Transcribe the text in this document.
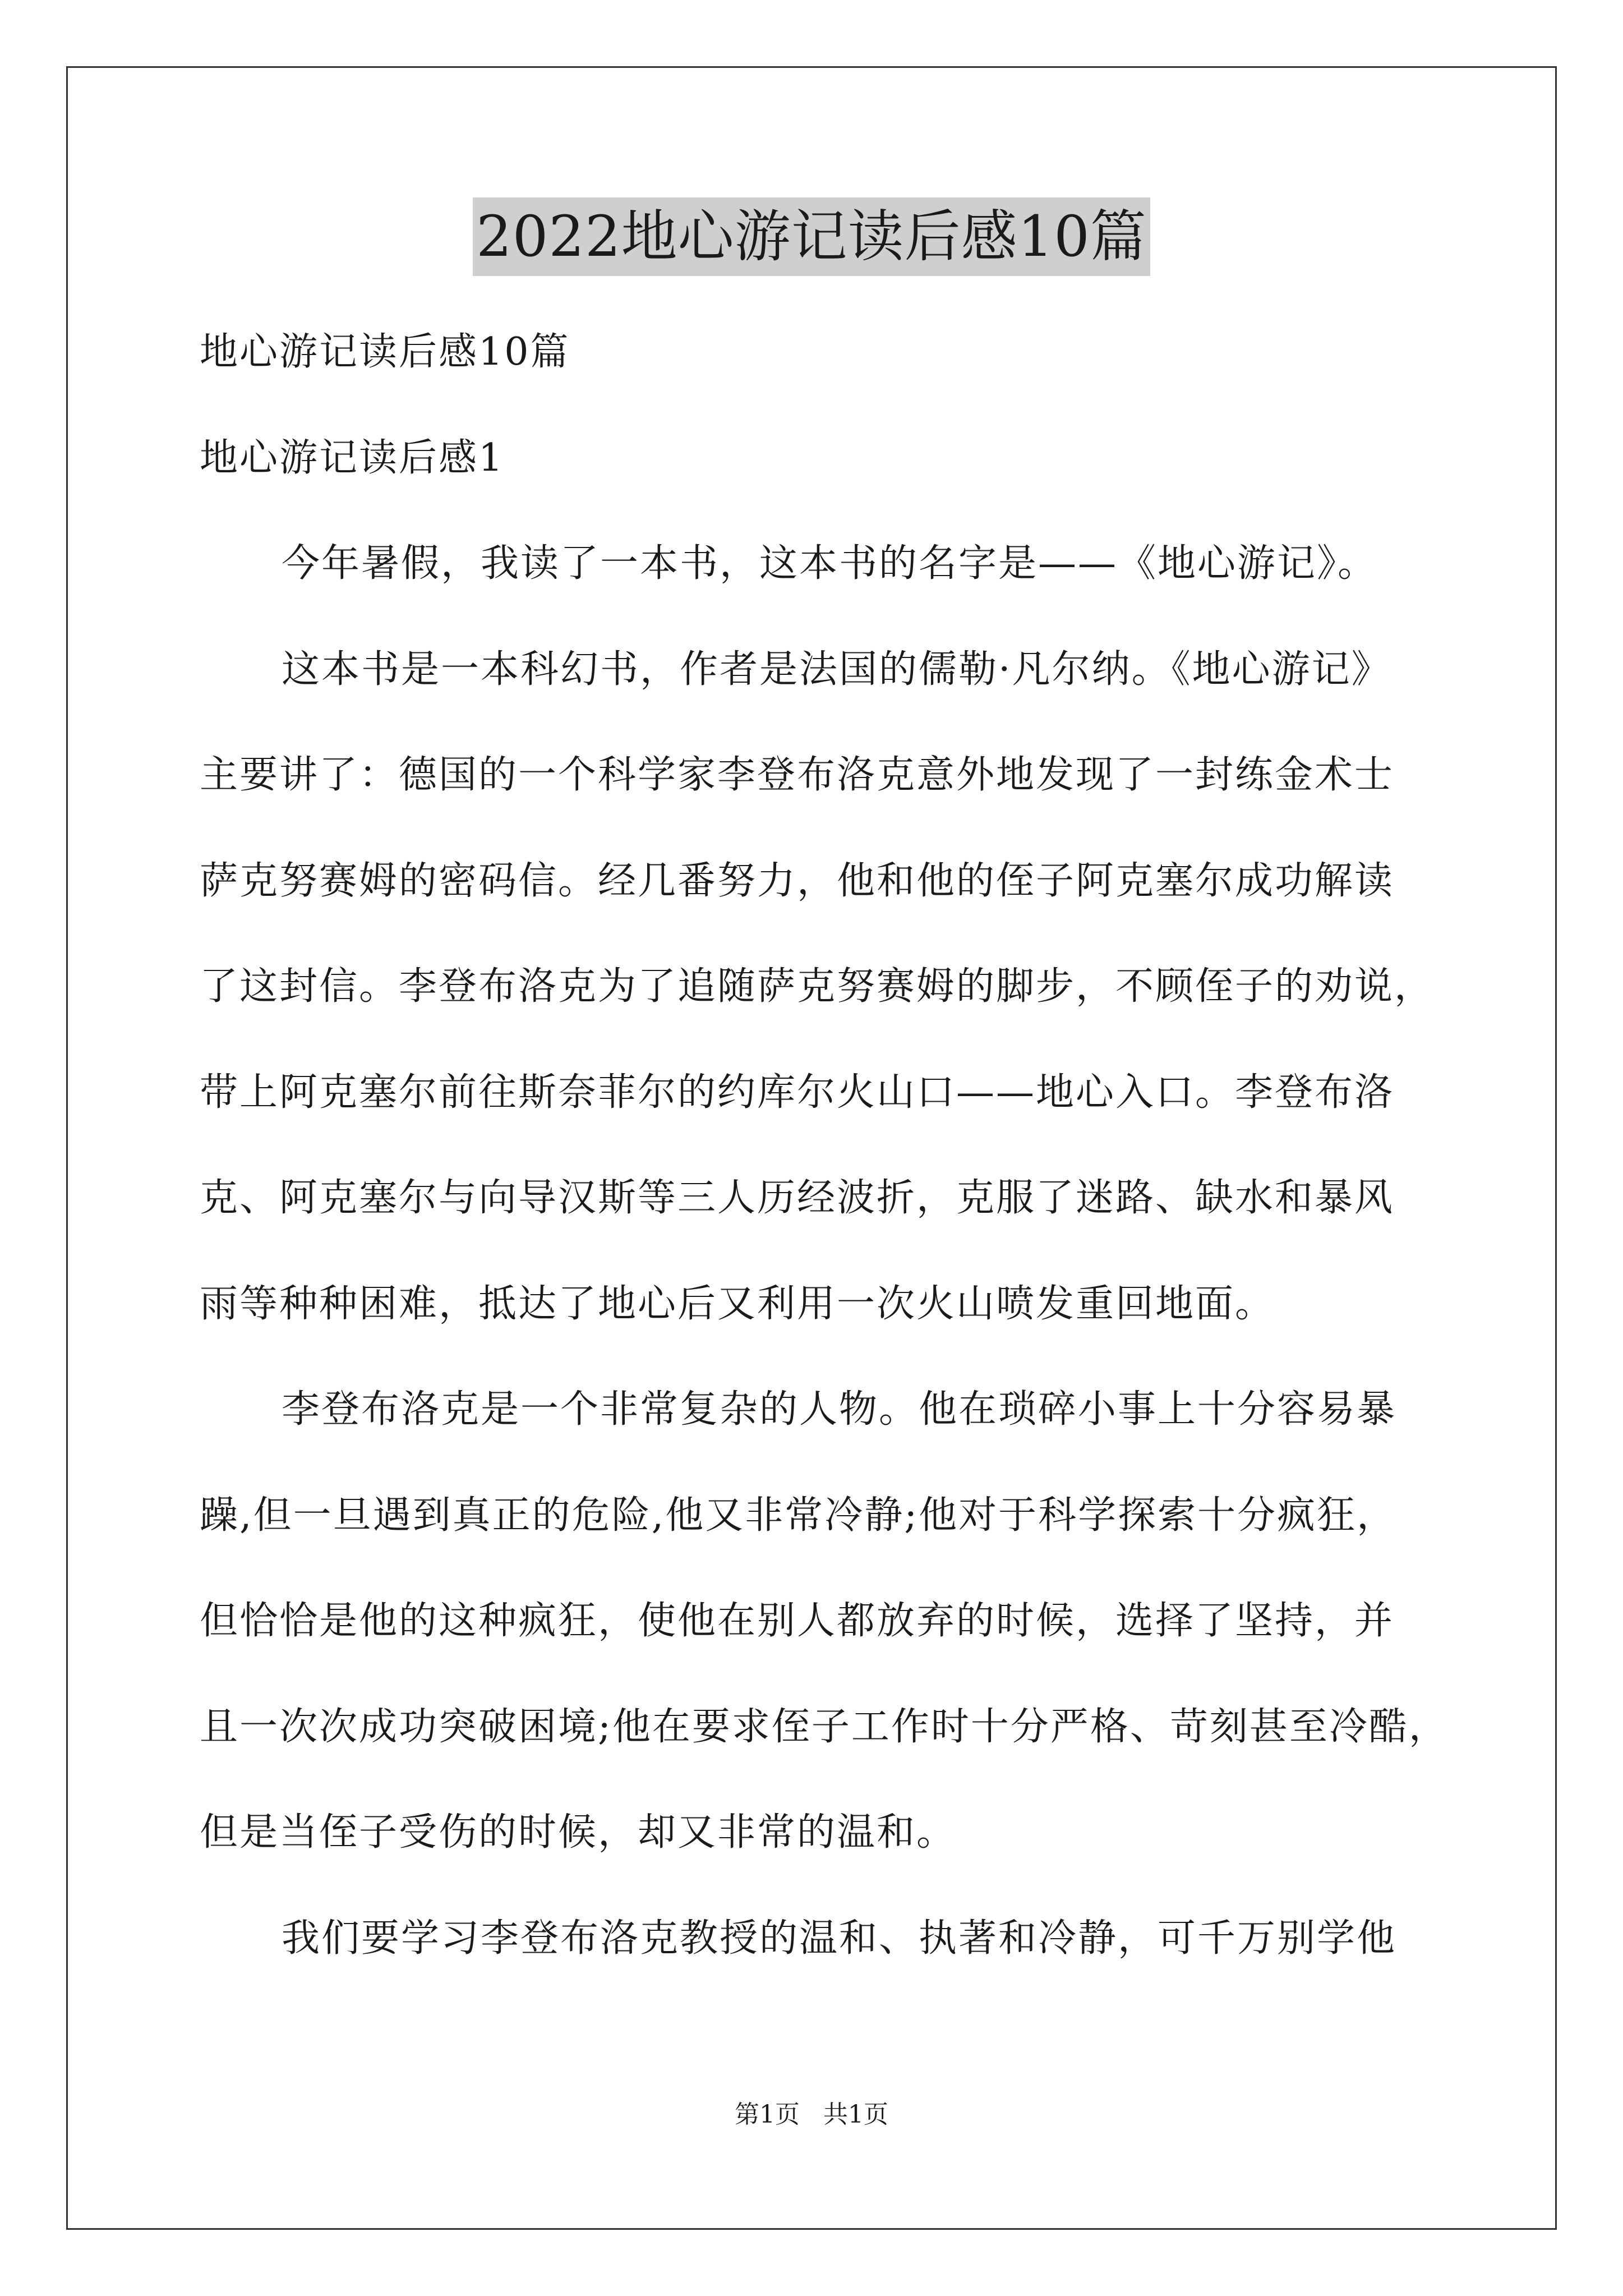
2022地心游记读后感10篇
地心游记读后感10篇
地心游记读后感1
今年暑假，我读了一本书，这本书的名字是——《地心游记》。
这本书是一本科幻书，作者是法国的儒勒·凡尔纳。《地心游记》
主要讲了：德国的一个科学家李登布洛克意外地发现了一封练金术士
萨克努赛姆的密码信。经几番努力，他和他的侄子阿克塞尔成功解读
了这封信。李登布洛克为了追随萨克努赛姆的脚步，不顾侄子的劝说，
带上阿克塞尔前往斯奈菲尔的约库尔火山口——地心入口。李登布洛
克、阿克塞尔与向导汉斯等三人历经波折，克服了迷路、缺水和暴风
雨等种种困难，抵达了地心后又利用一次火山喷发重回地面。
李登布洛克是一个非常复杂的人物。他在琐碎小事上十分容易暴
躁,但一旦遇到真正的危险,他又非常冷静;他对于科学探索十分疯狂，
但恰恰是他的这种疯狂，使他在别人都放弃的时候，选择了坚持，并
且一次次成功突破困境;他在要求侄子工作时十分严格、苛刻甚至冷酷，
但是当侄子受伤的时候，却又非常的温和。
我们要学习李登布洛克教授的温和、执著和冷静，可千万别学他
第1页   共1页
